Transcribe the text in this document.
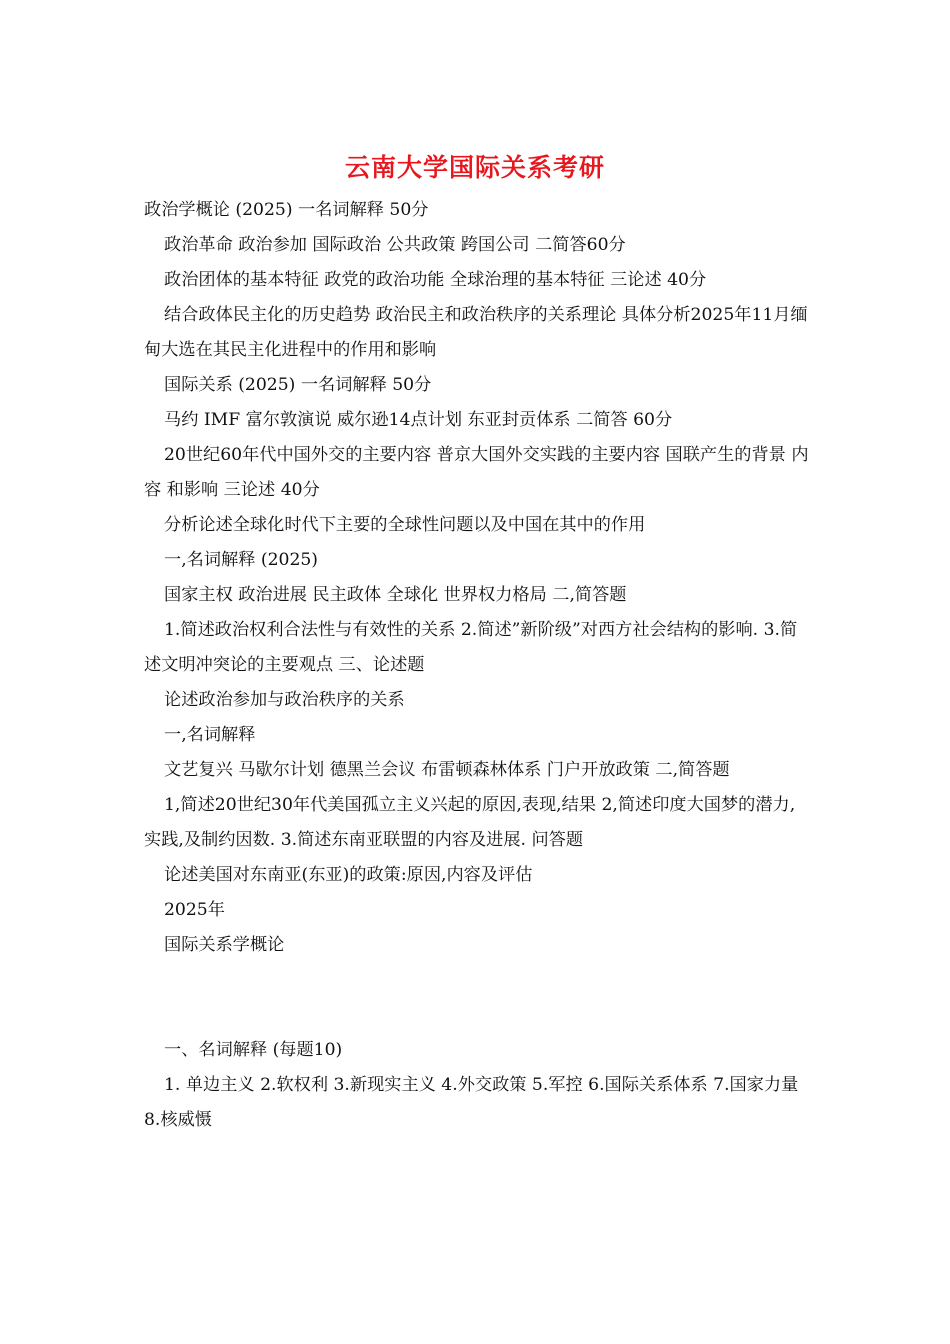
云南大学国际关系考研

政治学概论 (2025) 一名词解释 50分

政治革命 政治参加 国际政治 公共政策 跨国公司 二简答60分

政治团体的基本特征 政党的政治功能 全球治理的基本特征 三论述 40分

结合政体民主化的历史趋势 政治民主和政治秩序的关系理论 具体分析2025年11月缅甸大选在其民主化进程中的作用和影响

国际关系 (2025) 一名词解释 50分

马约 IMF 富尔敦演说 威尔逊14点计划 东亚封贡体系 二简答 60分

20世纪60年代中国外交的主要内容 普京大国外交实践的主要内容 国联产生的背景 内容 和影响 三论述 40分

分析论述全球化时代下主要的全球性问题以及中国在其中的作用

一,名词解释 (2025)

国家主权 政治进展 民主政体 全球化 世界权力格局 二,简答题

1.简述政治权利合法性与有效性的关系 2.简述”新阶级”对西方社会结构的影响. 3.简述文明冲突论的主要观点 三、论述题

论述政治参加与政治秩序的关系

一,名词解释

文艺复兴 马歇尔计划 德黑兰会议 布雷顿森林体系 门户开放政策 二,简答题

1,简述20世纪30年代美国孤立主义兴起的原因,表现,结果 2,简述印度大国梦的潜力,实践,及制约因数. 3.简述东南亚联盟的内容及进展. 问答题

论述美国对东南亚(东亚)的政策:原因,内容及评估

2025年

国际关系学概论

一、名词解释 (每题10)

1. 单边主义 2.软权利 3.新现实主义 4.外交政策 5.军控 6.国际关系体系 7.国家力量 8.核威慑
